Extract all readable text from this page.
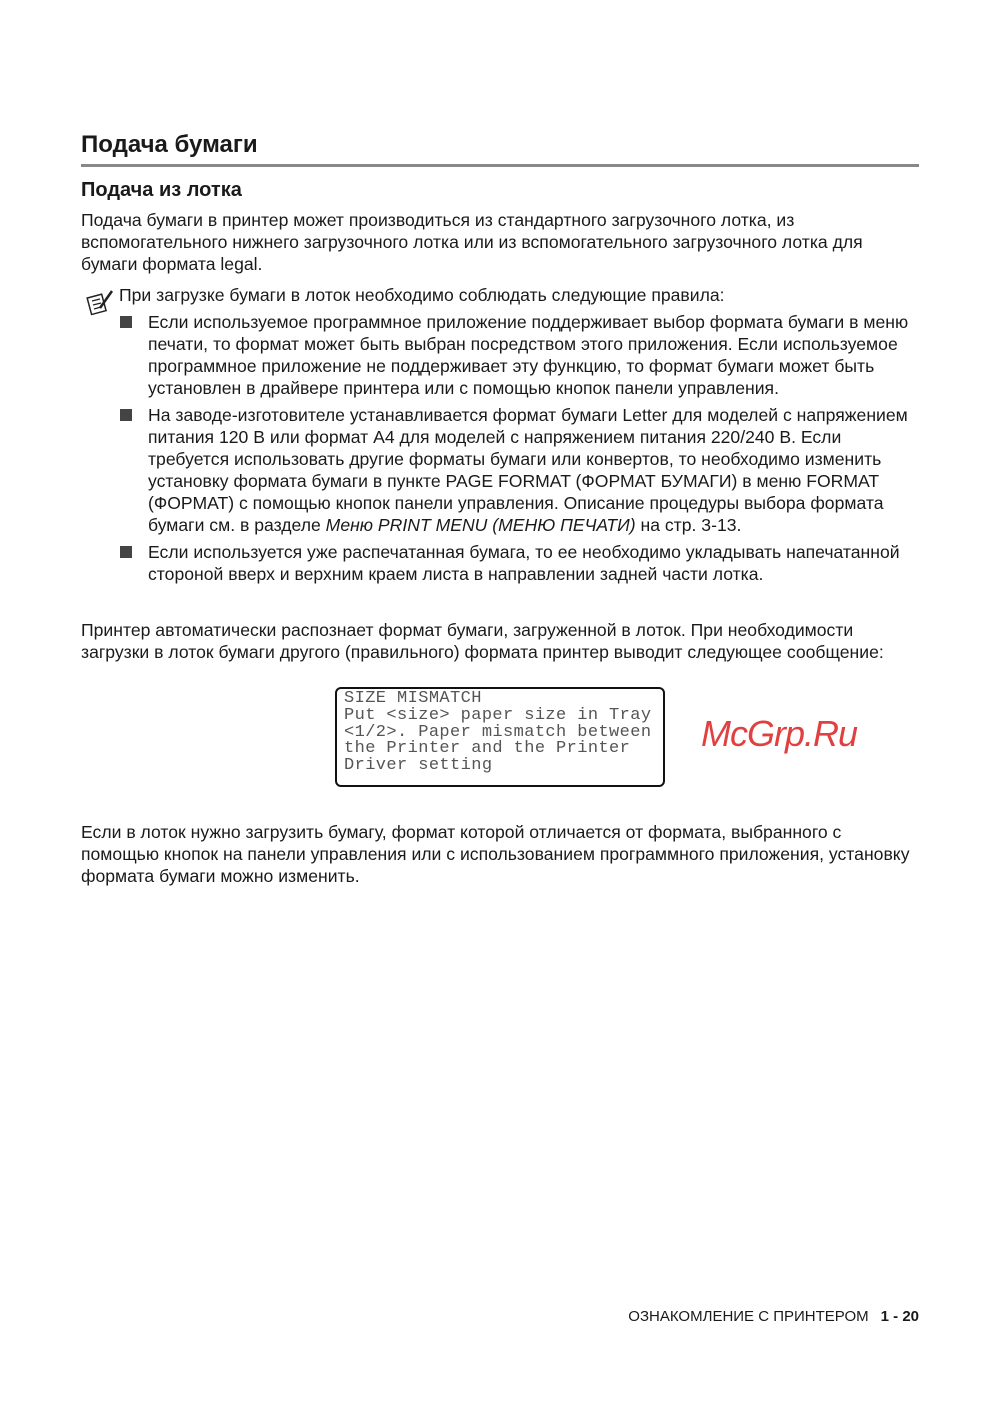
Подача бумаги
Подача из лотка
Подача бумаги в принтер может производиться из стандартного загрузочного лотка, из вспомогательного нижнего загрузочного лотка или из вспомогательного загрузочного лотка для бумаги формата legal.
При загрузке бумаги в лоток необходимо соблюдать следующие правила:
Если используемое программное приложение поддерживает выбор формата бумаги в меню печати, то формат может быть выбран посредством этого приложения. Если используемое программное приложение не поддерживает эту функцию, то формат бумаги может быть установлен в драйвере принтера или с помощью кнопок панели управления.
На заводе-изготовителе устанавливается формат бумаги Letter для моделей с напряжением питания 120 В или формат А4 для моделей с напряжением питания 220/240 В. Если требуется использовать другие форматы бумаги или конвертов, то необходимо изменить установку формата бумаги в пункте PAGE FORMAT (ФОРМАТ БУМАГИ) в меню FORMAT (ФОРМАТ) с помощью кнопок панели управления. Описание процедуры выбора формата бумаги см. в разделе Меню PRINT MENU (МЕНЮ ПЕЧАТИ) на стр. 3-13.
Если используется уже распечатанная бумага, то ее необходимо укладывать напечатанной стороной вверх и верхним краем листа в направлении задней части лотка.
Принтер автоматически распознает формат бумаги, загруженной в лоток. При необходимости загрузки в лоток бумаги другого (правильного) формата принтер выводит следующее сообщение:
SIZE MISMATCH
Put <size> paper size in Tray
<1/2>. Paper mismatch between
the Printer and the Printer
Driver setting
McGrp.Ru
Если в лоток нужно загрузить бумагу, формат которой отличается от формата, выбранного с помощью кнопок на панели управления или с использованием программного приложения, установку формата бумаги можно изменить.
ОЗНАКОМЛЕНИЕ С ПРИНТЕРОМ 1 - 20
